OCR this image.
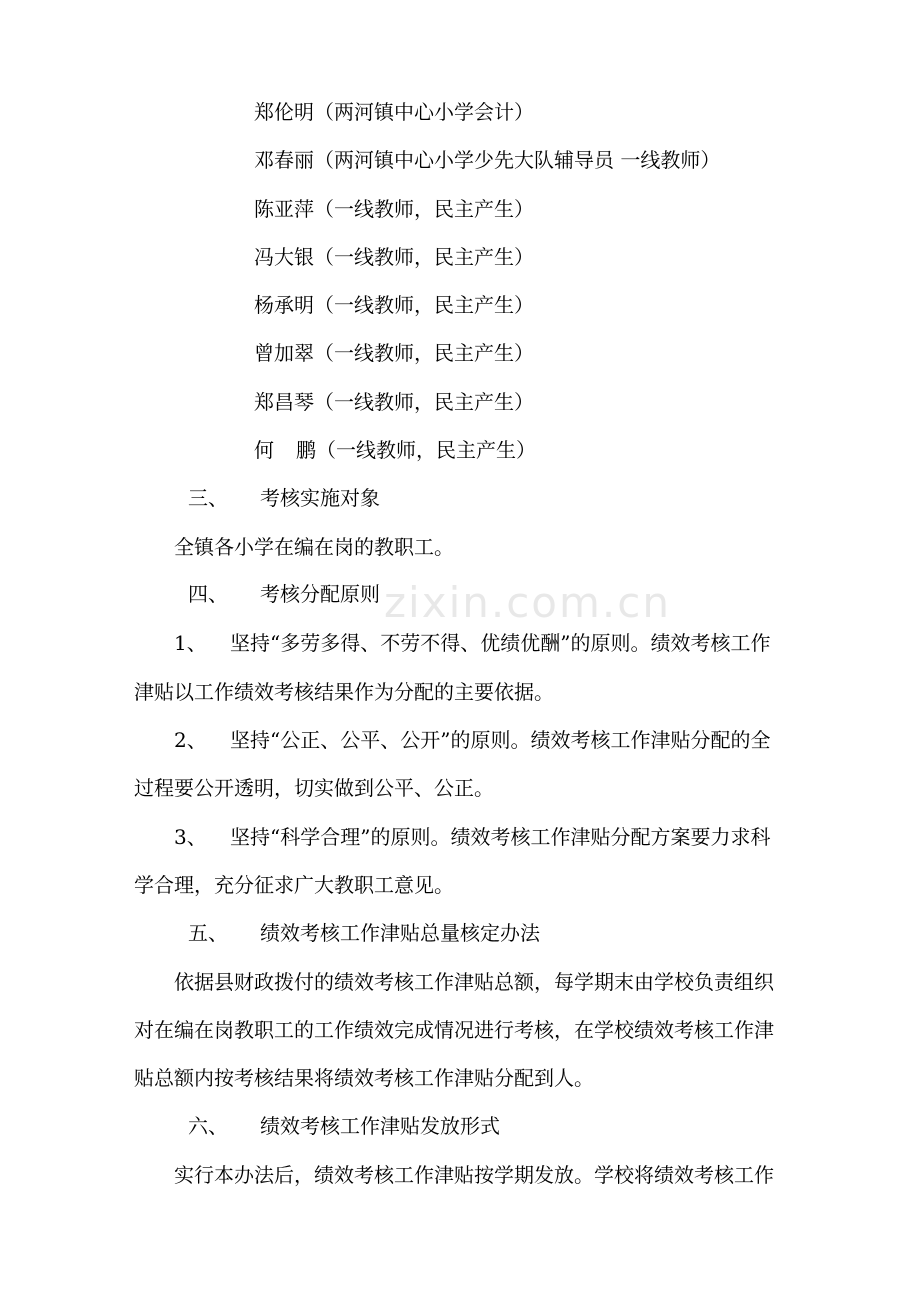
郑伦明（两河镇中心小学会计）
邓春丽（两河镇中心小学少先大队辅导员 一线教师）
陈亚萍（一线教师，民主产生）
冯大银（一线教师，民主产生）
杨承明（一线教师，民主产生）
曾加翠（一线教师，民主产生）
郑昌琴（一线教师，民主产生）
何 鹏（一线教师，民主产生）
三、 考核实施对象
全镇各小学在编在岗的教职工。
四、 考核分配原则
1、 坚持“多劳多得、不劳不得、优绩优酬”的原则。绩效考核工作
津贴以工作绩效考核结果作为分配的主要依据。
2、 坚持“公正、公平、公开”的原则。绩效考核工作津贴分配的全
过程要公开透明，切实做到公平、公正。
3、 坚持“科学合理”的原则。绩效考核工作津贴分配方案要力求科
学合理，充分征求广大教职工意见。
五、 绩效考核工作津贴总量核定办法
依据县财政拨付的绩效考核工作津贴总额，每学期末由学校负责组织
对在编在岗教职工的工作绩效完成情况进行考核，在学校绩效考核工作津
贴总额内按考核结果将绩效考核工作津贴分配到人。
六、 绩效考核工作津贴发放形式
实行本办法后，绩效考核工作津贴按学期发放。学校将绩效考核工作
zixin.com.cn
